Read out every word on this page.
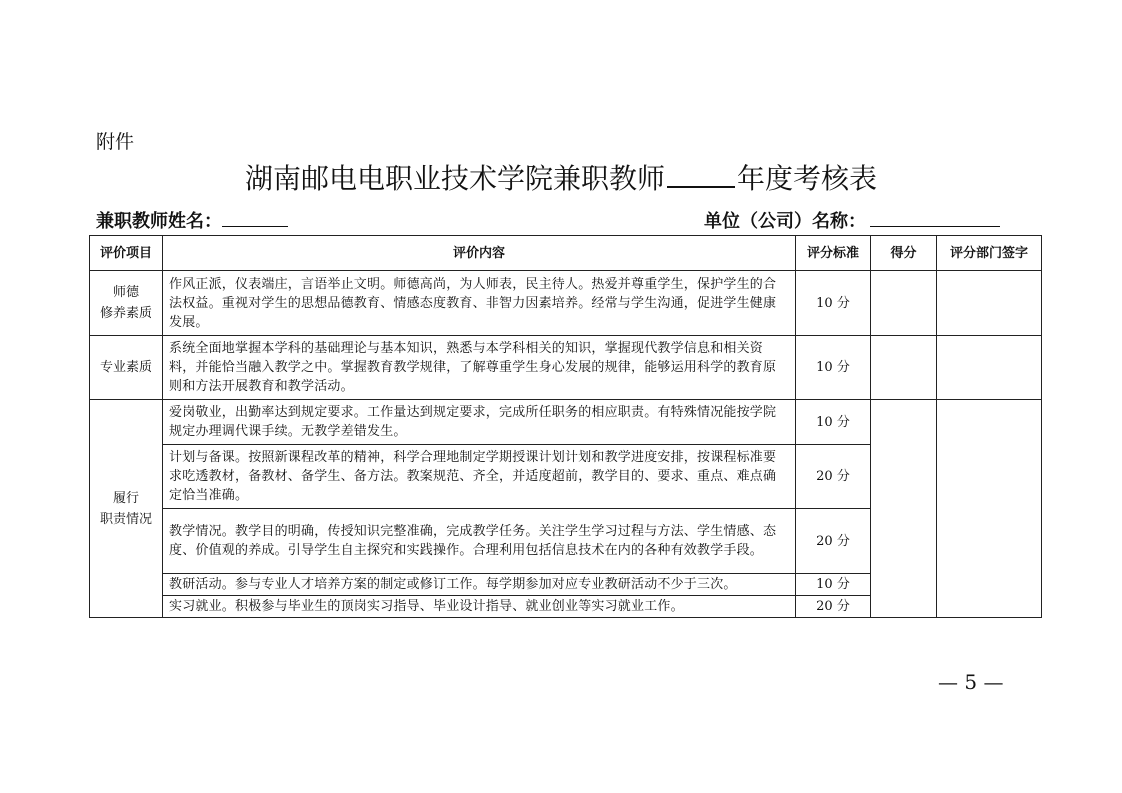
附件
湖南邮电电职业技术学院兼职教师	年度考核表
兼职教师姓名：	单位（公司）名称：
评价项目	评价内容	评分标准	得分	评分部门签字
师德
修养素质	作风正派，仪表端庄，言语举止文明。师德高尚，为人师表，民主待人。热爱并尊重学生，保护学生的合法权益。重视对学生的思想品德教育、情感态度教育、非智力因素培养。经常与学生沟通，促进学生健康发展。	10 分		
专业素质	系统全面地掌握本学科的基础理论与基本知识，熟悉与本学科相关的知识，掌握现代教学信息和相关资料，并能恰当融入教学之中。掌握教育教学规律，了解尊重学生身心发展的规律，能够运用科学的教育原则和方法开展教育和教学活动。	10 分		
履行
职责情况	爱岗敬业，出勤率达到规定要求。工作量达到规定要求，完成所任职务的相应职责。有特殊情况能按学院规定办理调代课手续。无教学差错发生。	10 分		
	计划与备课。按照新课程改革的精神，科学合理地制定学期授课计划计划和教学进度安排，按课程标准要求吃透教材，备教材、备学生、备方法。教案规范、齐全，并适度超前，教学目的、要求、重点、难点确定恰当准确。	20 分		
	教学情况。教学目的明确，传授知识完整准确，完成教学任务。关注学生学习过程与方法、学生情感、态度、价值观的养成。引导学生自主探究和实践操作。合理利用包括信息技术在内的各种有效教学手段。	20 分		
	教研活动。参与专业人才培养方案的制定或修订工作。每学期参加对应专业教研活动不少于三次。	10 分		
	实习就业。积极参与毕业生的顶岗实习指导、毕业设计指导、就业创业等实习就业工作。	20 分		
— 5 —
